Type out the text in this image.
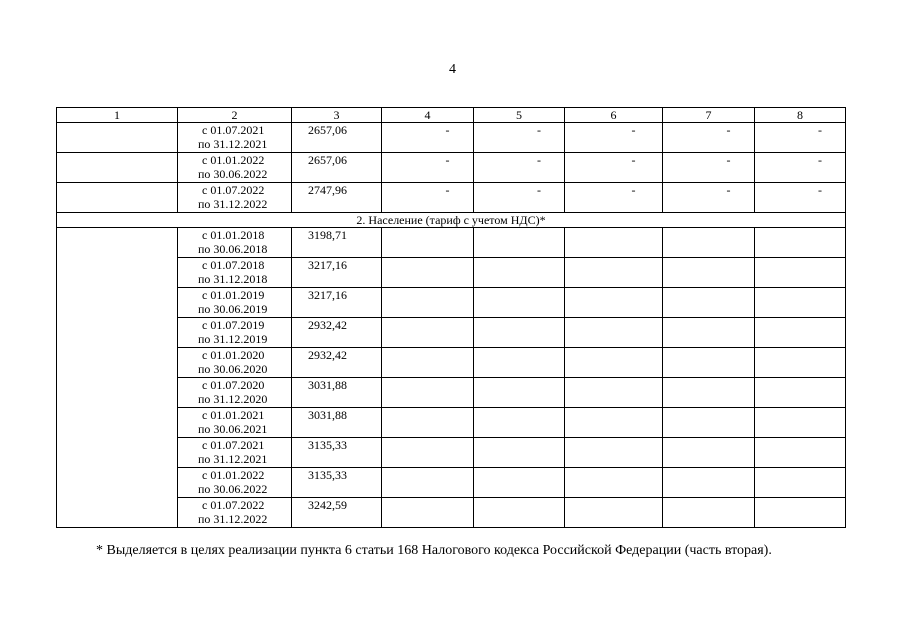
4
1	2	3	4	5	6	7	8

	с 01.07.2021
по 31.12.2021	2657,06	-	-	-	-	-

	с 01.01.2022
по 30.06.2022	2657,06	-	-	-	-	-

	с 01.07.2022
по 31.12.2022	2747,96	-	-	-	-	-
2. Население (тариф с учетом НДС)*							

	с 01.01.2018
по 30.06.2018	3198,71					

	с 01.07.2018
по 31.12.2018	3217,16					

	с 01.01.2019
по 30.06.2019	3217,16					

	с 01.07.2019
по 31.12.2019	2932,42					

	с 01.01.2020
по 30.06.2020	2932,42					

	с 01.07.2020
по 31.12.2020	3031,88					

	с 01.01.2021
по 30.06.2021	3031,88					

	с 01.07.2021
по 31.12.2021	3135,33					

	с 01.01.2022
по 30.06.2022	3135,33					

	с 01.07.2022
по 31.12.2022	3242,59					
* Выделяется в целях реализации пункта 6 статьи 168 Налогового кодекса Российской Федерации (часть вторая).
